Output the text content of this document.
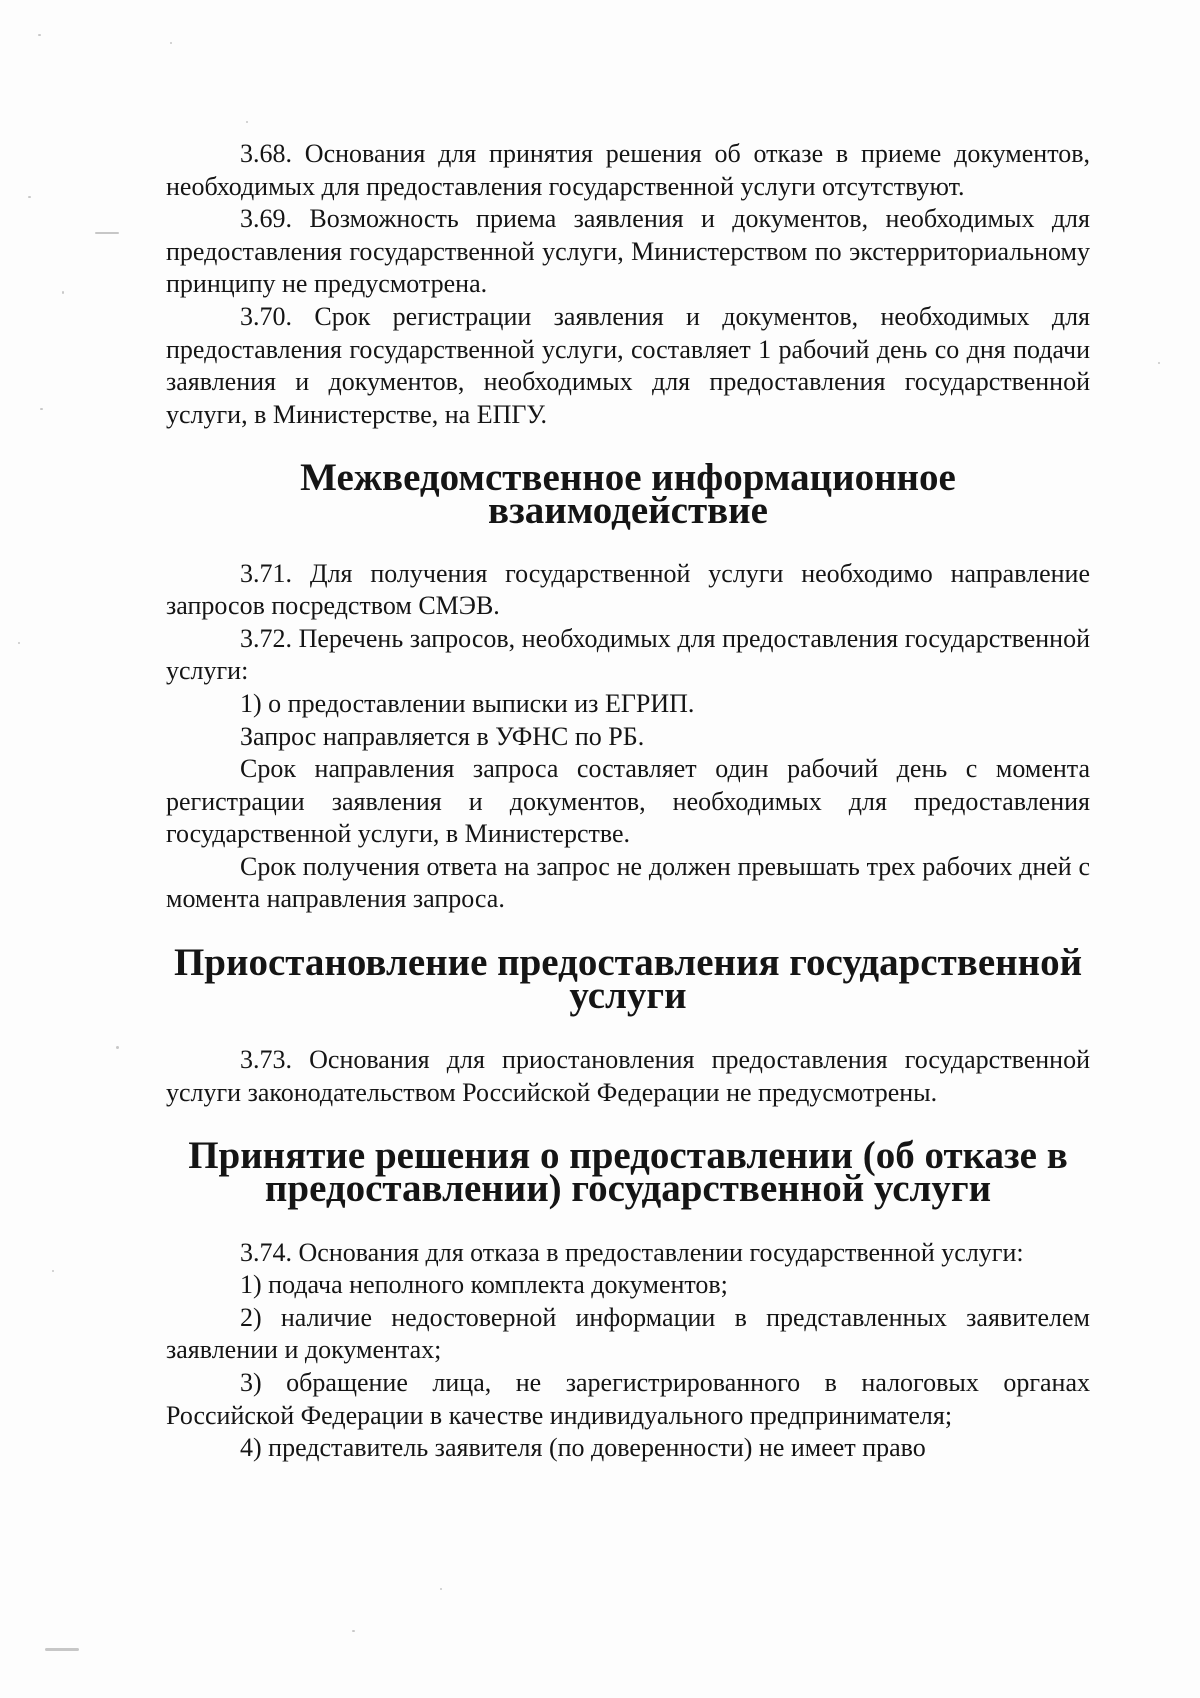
3.68. Основания для принятия решения об отказе в приеме документов, необходимых для предоставления государственной услуги отсутствуют.

3.69. Возможность приема заявления и документов, необходимых для предоставления государственной услуги, Министерством по экстерриториальному принципу не предусмотрена.

3.70. Срок регистрации заявления и документов, необходимых для предоставления государственной услуги, составляет 1 рабочий день со дня подачи заявления и документов, необходимых для предоставления государственной услуги, в Министерстве, на ЕПГУ.

Межведомственное информационное взаимодействие

3.71. Для получения государственной услуги необходимо направление запросов посредством СМЭВ.

3.72. Перечень запросов, необходимых для предоставления государственной услуги:

1) о предоставлении выписки из ЕГРИП.

Запрос направляется в УФНС по РБ.

Срок направления запроса составляет один рабочий день с момента регистрации заявления и документов, необходимых для предоставления государственной услуги, в Министерстве.

Срок получения ответа на запрос не должен превышать трех рабочих дней с момента направления запроса.

Приостановление предоставления государственной услуги

3.73. Основания для приостановления предоставления государственной услуги законодательством Российской Федерации не предусмотрены.

Принятие решения о предоставлении (об отказе в
предоставлении) государственной услуги

3.74. Основания для отказа в предоставлении государственной услуги:

1) подача неполного комплекта документов;

2) наличие недостоверной информации в представленных заявителем заявлении и документах;

3) обращение лица, не зарегистрированного в налоговых органах Российской Федерации в качестве индивидуального предпринимателя;

4) представитель заявителя (по доверенности) не имеет право
